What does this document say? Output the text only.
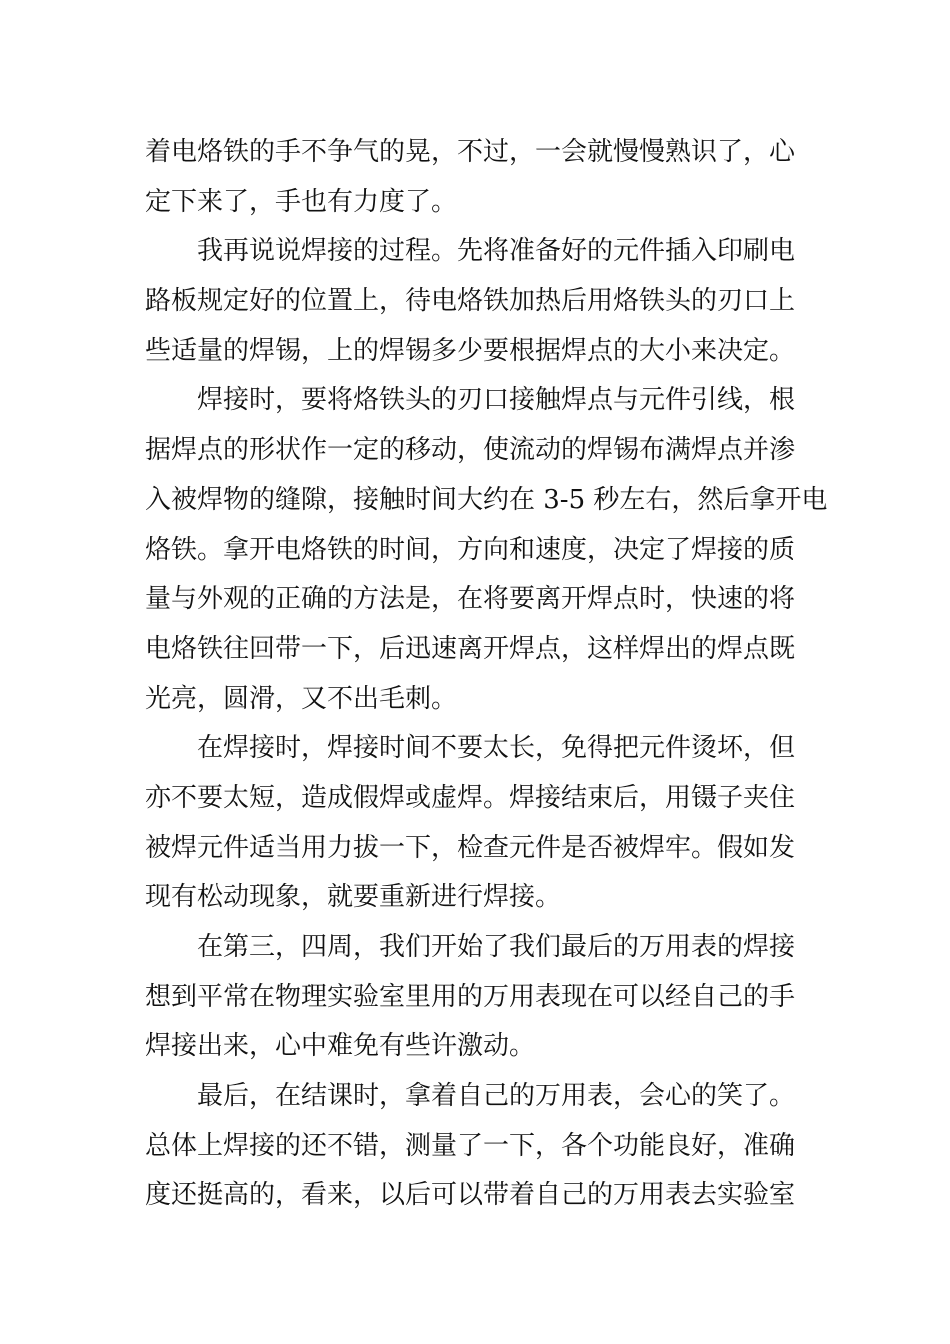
着电烙铁的手不争气的晃，不过，一会就慢慢熟识了，心
定下来了，手也有力度了。
我再说说焊接的过程。先将准备好的元件插入印刷电
路板规定好的位置上，待电烙铁加热后用烙铁头的刃口上
些适量的焊锡，上的焊锡多少要根据焊点的大小来决定。
焊接时，要将烙铁头的刃口接触焊点与元件引线，根
据焊点的形状作一定的移动，使流动的焊锡布满焊点并渗
入被焊物的缝隙，接触时间大约在 3-5 秒左右，然后拿开电
烙铁。拿开电烙铁的时间，方向和速度，决定了焊接的质
量与外观的正确的方法是，在将要离开焊点时，快速的将
电烙铁往回带一下，后迅速离开焊点，这样焊出的焊点既
光亮，圆滑，又不出毛刺。
在焊接时，焊接时间不要太长，免得把元件烫坏，但
亦不要太短，造成假焊或虚焊。焊接结束后，用镊子夹住
被焊元件适当用力拔一下，检查元件是否被焊牢。假如发
现有松动现象，就要重新进行焊接。
在第三，四周，我们开始了我们最后的万用表的焊接
想到平常在物理实验室里用的万用表现在可以经自己的手
焊接出来，心中难免有些许激动。
最后，在结课时，拿着自己的万用表，会心的笑了。
总体上焊接的还不错，测量了一下，各个功能良好，准确
度还挺高的，看来，以后可以带着自己的万用表去实验室
